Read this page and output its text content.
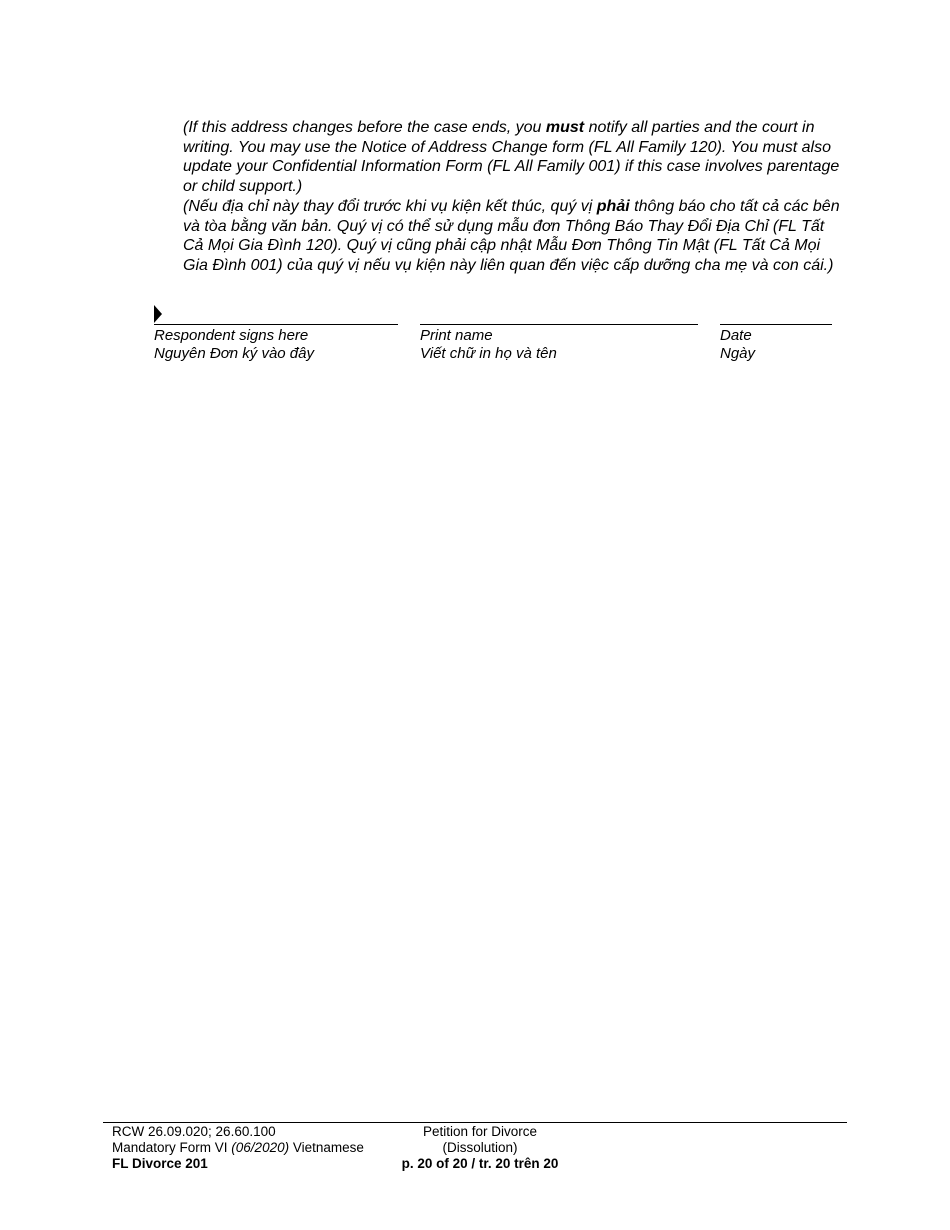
(If this address changes before the case ends, you must notify all parties and the court in writing. You may use the Notice of Address Change form (FL All Family 120). You must also update your Confidential Information Form (FL All Family 001) if this case involves parentage or child support.)

(Nếu địa chỉ này thay đổi trước khi vụ kiện kết thúc, quý vị phải thông báo cho tất cả các bên và tòa bằng văn bản. Quý vị có thể sử dụng mẫu đơn Thông Báo Thay Đổi Địa Chỉ (FL Tất Cả Mọi Gia Đình 120). Quý vị cũng phải cập nhật Mẫu Đơn Thông Tin Mật (FL Tất Cả Mọi Gia Đình 001) của quý vị nếu vụ kiện này liên quan đến việc cấp dưỡng cha mẹ và con cái.)

Respondent signs here
Nguyên Đơn ký vào đây
Print name
Viết chữ in họ và tên
Date
Ngày
RCW 26.09.020; 26.60.100
Mandatory Form VI (06/2020) Vietnamese
FL Divorce 201
Petition for Divorce
(Dissolution)
p. 20 of 20 / tr. 20 trên 20
